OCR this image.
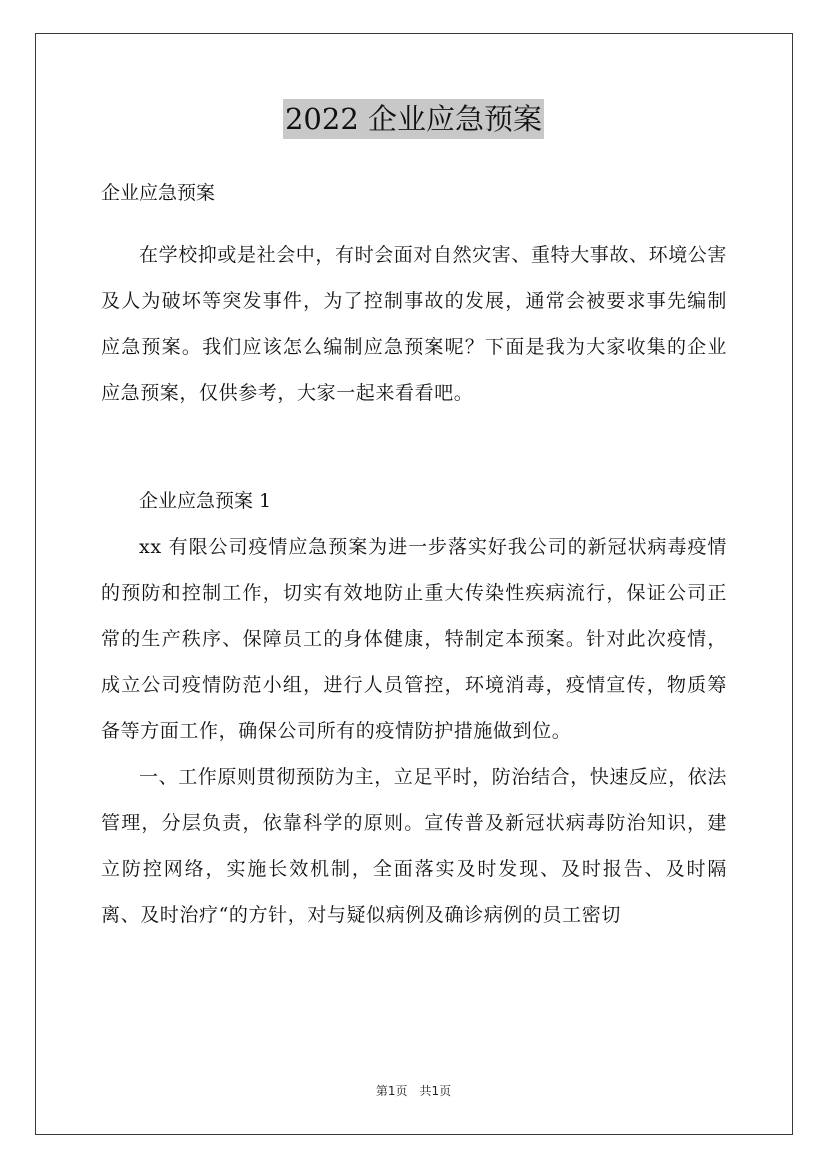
2022 企业应急预案

企业应急预案

在学校抑或是社会中，有时会面对自然灾害、重特大事故、环境公害及人为破坏等突发事件，为了控制事故的发展，通常会被要求事先编制应急预案。我们应该怎么编制应急预案呢？下面是我为大家收集的企业应急预案，仅供参考，大家一起来看看吧。

企业应急预案 1

xx 有限公司疫情应急预案为进一步落实好我公司的新冠状病毒疫情的预防和控制工作，切实有效地防止重大传染性疾病流行，保证公司正常的生产秩序、保障员工的身体健康，特制定本预案。针对此次疫情，成立公司疫情防范小组，进行人员管控，环境消毒，疫情宣传，物质筹备等方面工作，确保公司所有的疫情防护措施做到位。

一、工作原则贯彻预防为主，立足平时，防治结合，快速反应，依法管理，分层负责，依靠科学的原则。宣传普及新冠状病毒防治知识，建立防控网络，实施长效机制，全面落实及时发现、及时报告、及时隔离、及时治疗“的方针，对与疑似病例及确诊病例的员工密切

第1页　共1页
